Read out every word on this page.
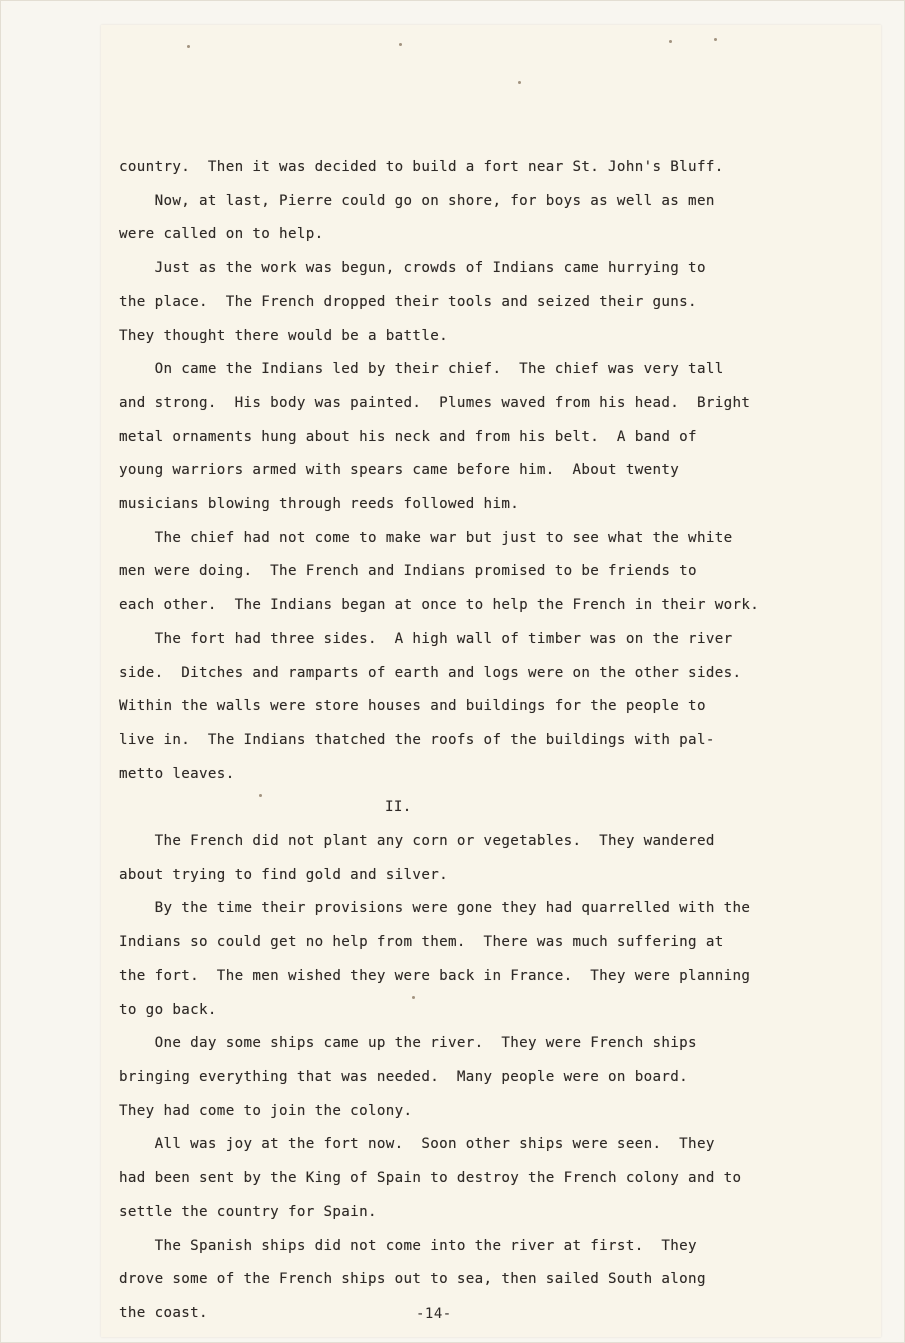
country.  Then it was decided to build a fort near St. John's Bluff.
Now, at last, Pierre could go on shore, for boys as well as men
were called on to help.
Just as the work was begun, crowds of Indians came hurrying to
the place.  The French dropped their tools and seized their guns.
They thought there would be a battle.
On came the Indians led by their chief.  The chief was very tall
and strong.  His body was painted.  Plumes waved from his head.  Bright
metal ornaments hung about his neck and from his belt.  A band of
young warriors armed with spears came before him.  About twenty
musicians blowing through reeds followed him.
The chief had not come to make war but just to see what the white
men were doing.  The French and Indians promised to be friends to
each other.  The Indians began at once to help the French in their work.
The fort had three sides.  A high wall of timber was on the river
side.  Ditches and ramparts of earth and logs were on the other sides.
Within the walls were store houses and buildings for the people to
live in.  The Indians thatched the roofs of the buildings with pal-
metto leaves.
II.
The French did not plant any corn or vegetables.  They wandered
about trying to find gold and silver.
By the time their provisions were gone they had quarrelled with the
Indians so could get no help from them.  There was much suffering at
the fort.  The men wished they were back in France.  They were planning
to go back.
One day some ships came up the river.  They were French ships
bringing everything that was needed.  Many people were on board.
They had come to join the colony.
All was joy at the fort now.  Soon other ships were seen.  They
had been sent by the King of Spain to destroy the French colony and to
settle the country for Spain.
The Spanish ships did not come into the river at first.  They
drove some of the French ships out to sea, then sailed South along
the coast.	-14-
